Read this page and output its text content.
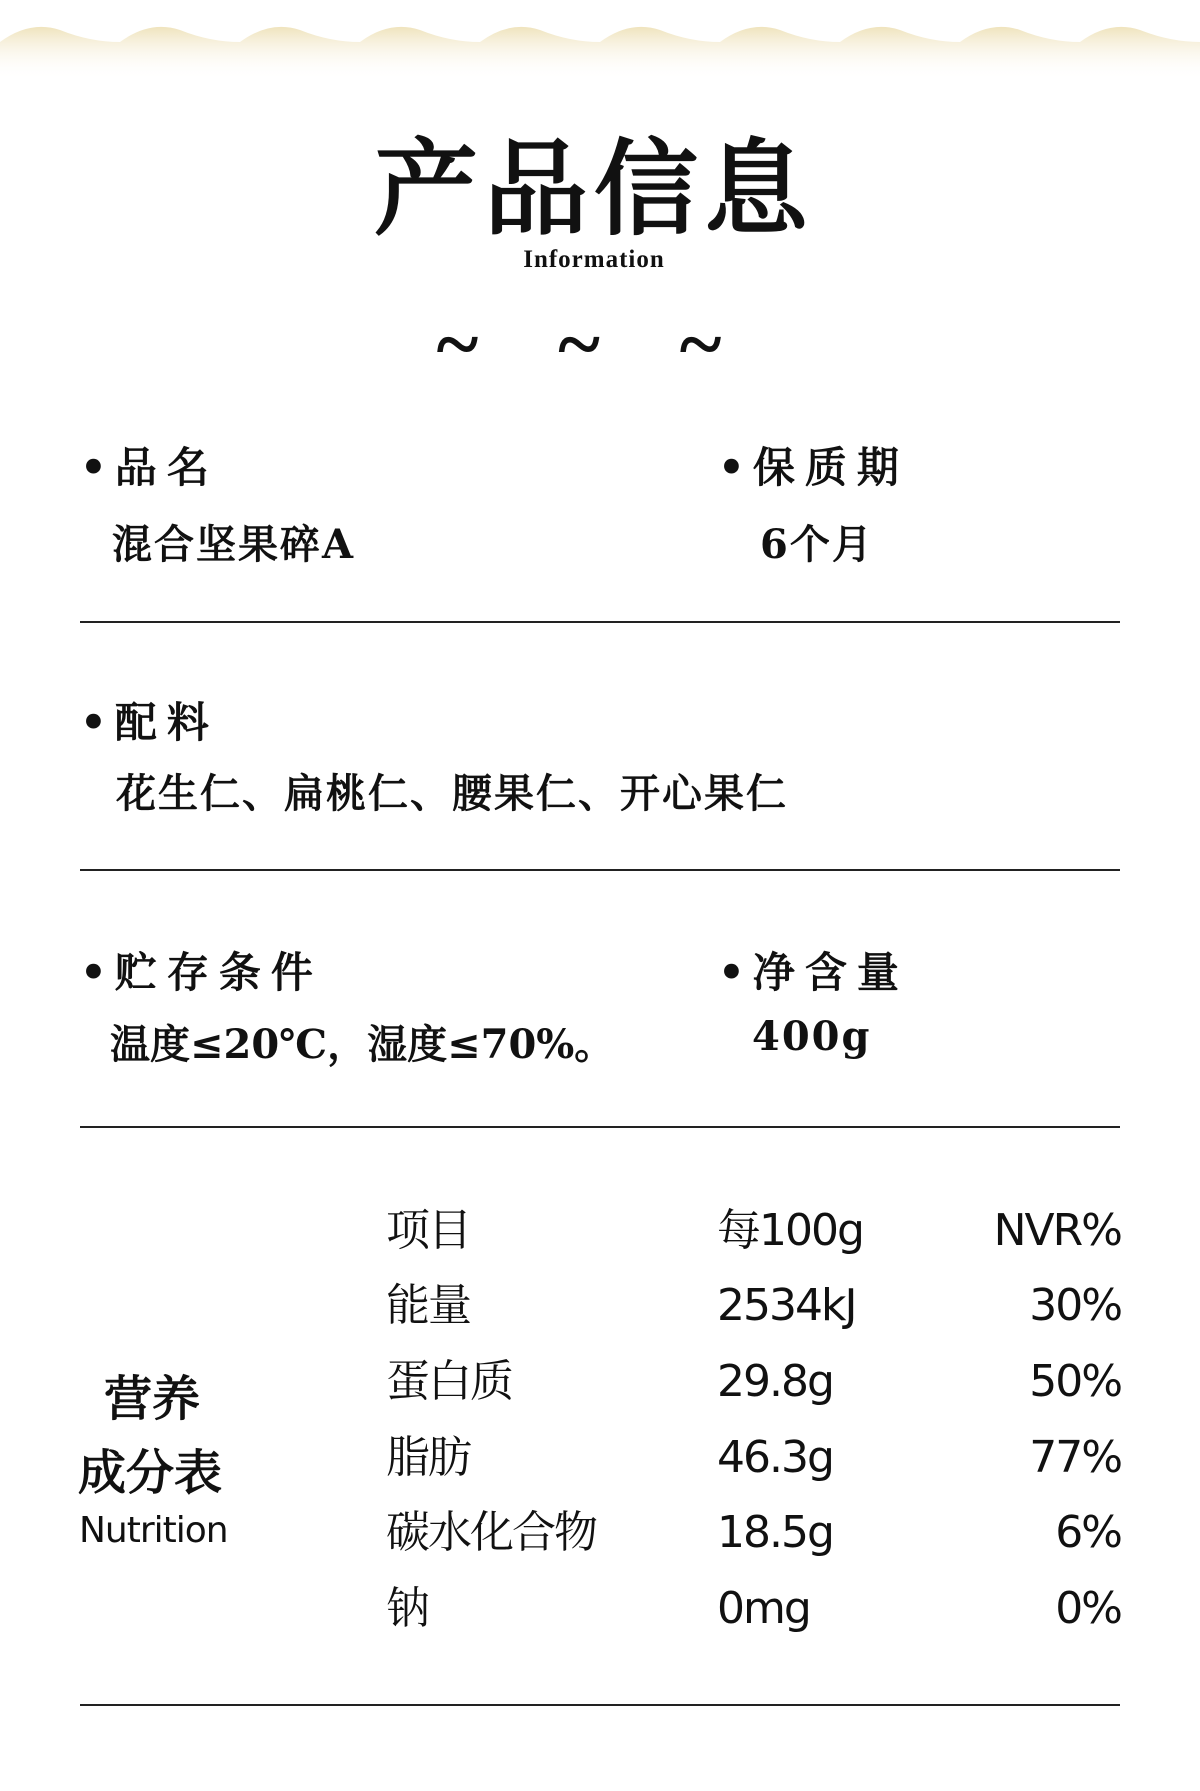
产品信息
Information
~ ~ ~
• 品名
混合坚果碎A
• 保质期
6个月
• 配料
花生仁、扁桃仁、腰果仁、开心果仁
• 贮存条件
温度≤20℃，湿度≤70%。
• 净含量
400g
营养
成分表
Nutrition
项目	每100g	NVR%
能量	2534kJ	30%
蛋白质	29.8g	50%
脂肪	46.3g	77%
碳水化合物	18.5g	6%
钠	0mg	0%
